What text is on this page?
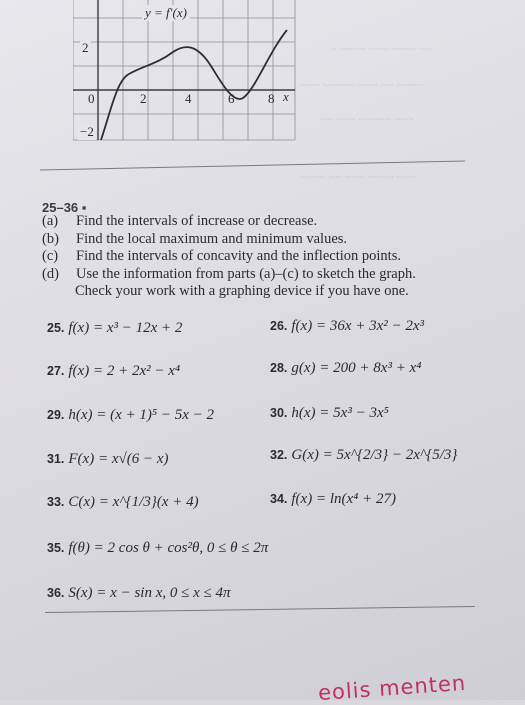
~ ~~~~ ~~~ ~~~~ ~~
~~~ ~~~~~ ~~~ ~~ ~~~~
~~ ~~~ ~~~~~ ~~~
~~~~ ~~ ~~~ ~~~~ ~~~
y = f′(x)
2
0
−2
2	4	6	8 x
25–36 ▪
(a)	Find the intervals of increase or decrease.
(b)	Find the local maximum and minimum values.
(c)	Find the intervals of concavity and the inflection points.
(d)	Use the information from parts (a)–(c) to sketch the graph.
Check your work with a graphing device if you have one.
25. f(x) = x³ − 12x + 2	26. f(x) = 36x + 3x² − 2x³
27. f(x) = 2 + 2x² − x⁴	28. g(x) = 200 + 8x³ + x⁴
29. h(x) = (x + 1)⁵ − 5x − 2	30. h(x) = 5x³ − 3x⁵
31. F(x) = x√(6 − x)	32. G(x) = 5x^{2/3} − 2x^{5/3}
33. C(x) = x^{1/3}(x + 4)	34. f(x) = ln(x⁴ + 27)
35. f(θ) = 2 cos θ + cos²θ, 0 ≤ θ ≤ 2π
36. S(x) = x − sin x, 0 ≤ x ≤ 4π
eolis menten
